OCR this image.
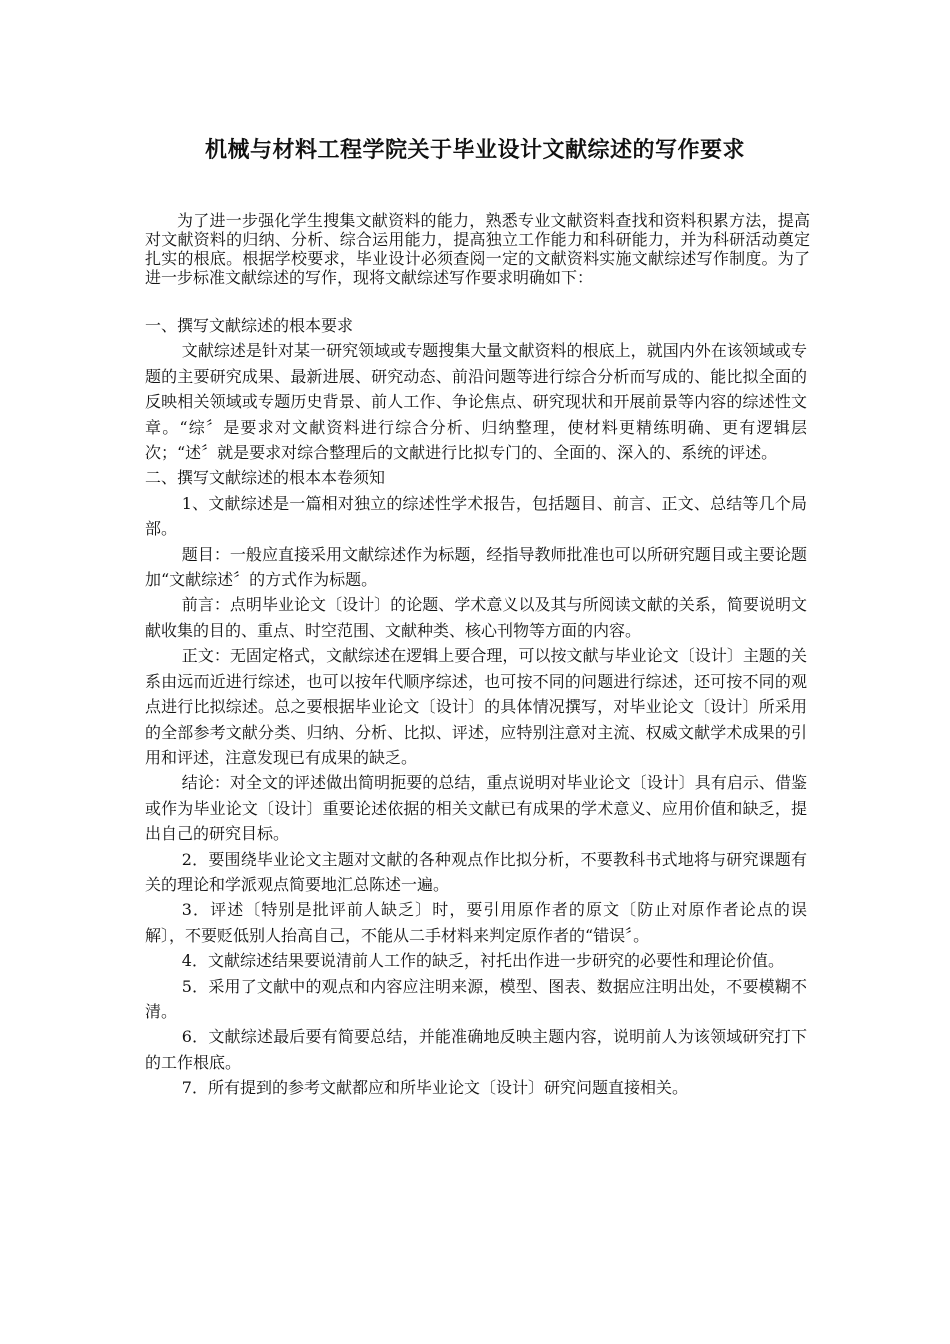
机械与材料工程学院关于毕业设计文献综述的写作要求

为了进一步强化学生搜集文献资料的能力，熟悉专业文献资料查找和资料积累方法，提高对文献资料的归纳、分析、综合运用能力，提高独立工作能力和科研能力，并为科研活动奠定扎实的根底。根据学校要求，毕业设计必须查阅一定的文献资料实施文献综述写作制度。为了进一步标准文献综述的写作，现将文献综述写作要求明确如下：

一、撰写文献综述的根本要求

文献综述是针对某一研究领域或专题搜集大量文献资料的根底上，就国内外在该领域或专题的主要研究成果、最新进展、研究动态、前沿问题等进行综合分析而写成的、能比拟全面的反映相关领域或专题历史背景、前人工作、争论焦点、研究现状和开展前景等内容的综述性文章。“综〞是要求对文献资料进行综合分析、归纳整理，使材料更精练明确、更有逻辑层次；“述〞就是要求对综合整理后的文献进行比拟专门的、全面的、深入的、系统的评述。

二、撰写文献综述的根本本卷须知

1、文献综述是一篇相对独立的综述性学术报告，包括题目、前言、正文、总结等几个局部。

题目：一般应直接采用文献综述作为标题，经指导教师批准也可以所研究题目或主要论题加“文献综述〞的方式作为标题。

前言：点明毕业论文〔设计〕的论题、学术意义以及其与所阅读文献的关系，简要说明文献收集的目的、重点、时空范围、文献种类、核心刊物等方面的内容。

正文：无固定格式，文献综述在逻辑上要合理，可以按文献与毕业论文〔设计〕主题的关系由远而近进行综述，也可以按年代顺序综述，也可按不同的问题进行综述，还可按不同的观点进行比拟综述。总之要根据毕业论文〔设计〕的具体情况撰写，对毕业论文〔设计〕所采用的全部参考文献分类、归纳、分析、比拟、评述，应特别注意对主流、权威文献学术成果的引用和评述，注意发现已有成果的缺乏。

结论：对全文的评述做出简明扼要的总结，重点说明对毕业论文〔设计〕具有启示、借鉴或作为毕业论文〔设计〕重要论述依据的相关文献已有成果的学术意义、应用价值和缺乏，提出自己的研究目标。

2．要围绕毕业论文主题对文献的各种观点作比拟分析，不要教科书式地将与研究课题有关的理论和学派观点简要地汇总陈述一遍。

3．评述〔特别是批评前人缺乏〕时，要引用原作者的原文〔防止对原作者论点的误解〕，不要贬低别人抬高自己，不能从二手材料来判定原作者的“错误〞。

4．文献综述结果要说清前人工作的缺乏，衬托出作进一步研究的必要性和理论价值。

5．采用了文献中的观点和内容应注明来源，模型、图表、数据应注明出处，不要模糊不清。

6．文献综述最后要有简要总结，并能准确地反映主题内容，说明前人为该领域研究打下的工作根底。

7．所有提到的参考文献都应和所毕业论文〔设计〕研究问题直接相关。
